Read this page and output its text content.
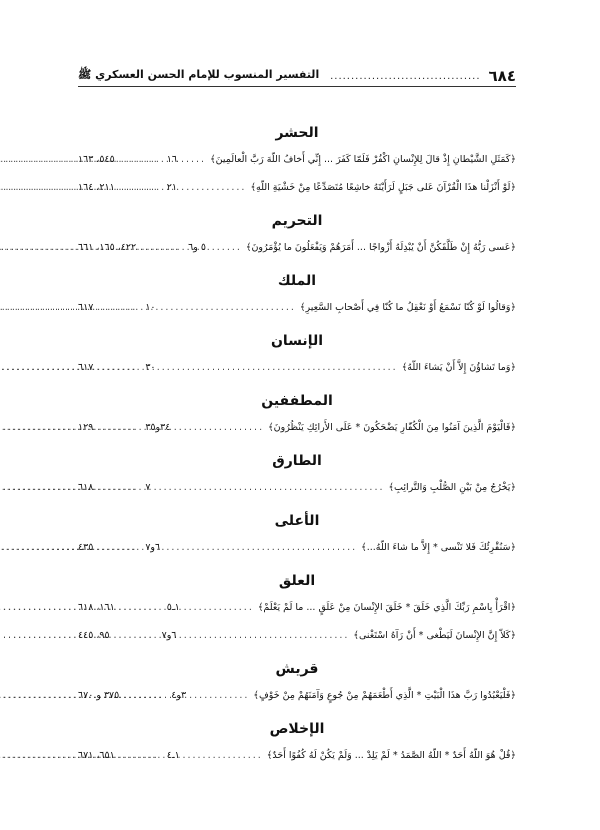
٦٨٤
....................................
التفسير المنسوب للإمام الحسن العسكري ﷺ
الحشر
﴿كَمَثَلِ الشَّيْطانِ إِذْ قالَ لِلإِنْسانِ اكْفُرْ فَلَمّا كَفَرَ ... إِنِّي أَخافُ اللّهَ رَبَّ الْعالَمِينَ﴾
.....
١٦
.....
٥٤٥، ١٦٣
﴿لَوْ أَنْزَلْنا هذَا الْقُرْآنَ عَلى جَبَلٍ لَرَأَيْتَهُ خاشِعًا مُتَصَدِّعًا مِنْ خَشْيَةِ اللّهِ﴾
.....
٢١
.....
٢١١، ١٦٤
التحريم
﴿عَسى رَبُّهُ إِنْ طَلَّقَكُنَّ أَنْ يُبْدِلَهُ أَزْواجًا ... أَمَرَهُمْ وَيَفْعَلُونَ ما يُؤْمَرُونَ﴾
.....
٥ و٦
.....
٤٢٢، ١٦٥، ٦٦١
الملك
﴿وَقالُوا لَوْ كُنّا نَسْمَعُ أَوْ نَعْقِلُ ما كُنّا فِي أَصْحابِ السَّعِيرِ﴾
.....
١٠
.....
٦١٧
الإنسان
﴿وَما تَشاؤُنَ إِلاَّ أَنْ يَشاءَ اللّهُ﴾
.....
٣٠
.....
٦١٧
المطففين
﴿فَالْيَوْمَ الَّذِينَ آمَنُوا مِنَ الْكُفّارِ يَضْحَكُونَ * عَلَى الأَرائِكِ يَنْظُرُونَ﴾
.....
٣٤و٣٥
.....
١٢٩
الطارق
﴿يَخْرُجُ مِنْ بَيْنِ الصُّلْبِ وَالتَّرائِبِ﴾
.....
٧
.....
٦١٨
الأعلى
﴿سَنُقْرِئُكَ فَلا تَنْسى * إِلاَّ ما شاءَ اللّهُ...﴾
.....
٦و٧
.....
٤٣٥
العلق
﴿اقْرَأْ بِاسْمِ رَبِّكَ الَّذِي خَلَقَ * خَلَقَ الإِنْسانَ مِنْ عَلَقٍ ... ما لَمْ يَعْلَمْ﴾
.....
١ـ٥
.....
١٦١، ٦١٨
﴿كَلاّ إِنَّ الإِنْسانَ لَيَطْغى * أَنْ رَآهُ اسْتَغْنى﴾
.....
٦و٧
.....
٩٥، ٤٤٥
قريش
﴿فَلْيَعْبُدُوا رَبَّ هذَا الْبَيْتِ * الَّذِي أَطْعَمَهُمْ مِنْ جُوعٍ وَآمَنَهُمْ مِنْ خَوْفٍ﴾
.....
٣و٤
.....
٣٧٥ و ٦٧٠
الإخلاص
﴿قُلْ هُوَ اللّهُ أَحَدٌ * اللّهُ الصَّمَدُ * لَمْ يَلِدْ ... وَلَمْ يَكُنْ لَهُ كُفُوًا أَحَدٌ﴾
.....
١ـ٤
.....
٦٥١، ٦٧١
